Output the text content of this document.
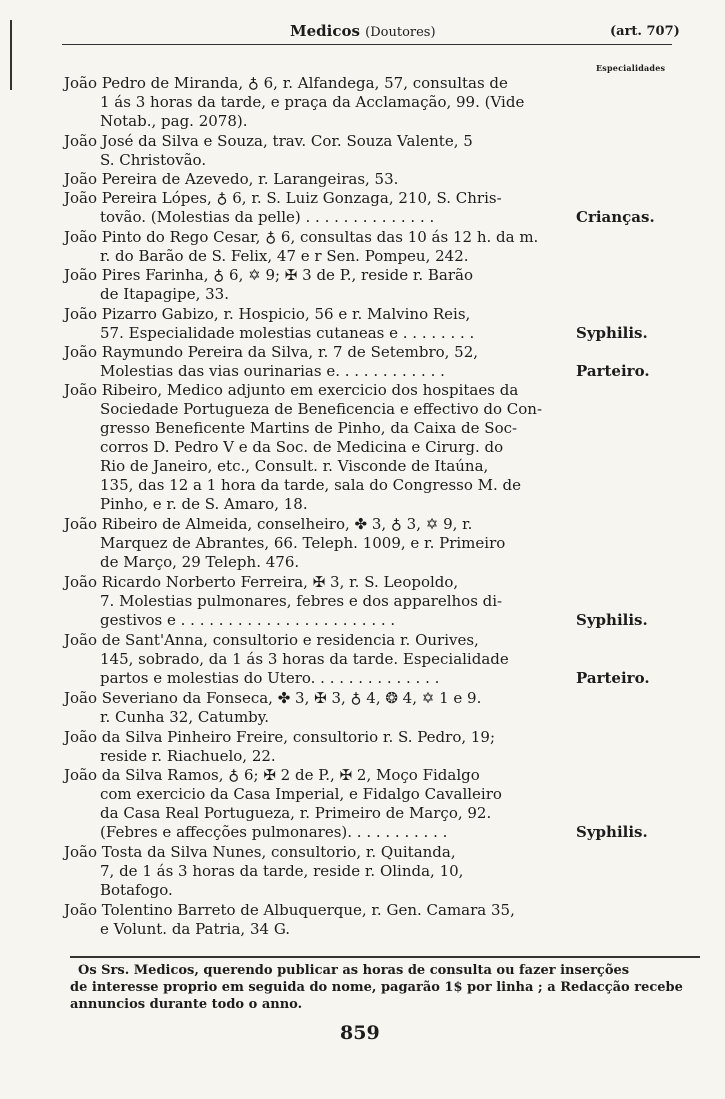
Medicos (Doutores)	(art. 707)
Especialidades
João Pedro de Miranda, ♁ 6, r. Alfandega, 57, consultas de
1 ás 3 horas da tarde, e praça da Acclamação, 99. (Vide
Notab., pag. 2078).
João José da Silva e Souza, trav. Cor. Souza Valente, 5
S. Christovão.
João Pereira de Azevedo, r. Larangeiras, 53.
João Pereira Lópes, ♁ 6, r. S. Luiz Gonzaga, 210, S. Chris-
tovão. (Molestias da pelle) . . . . . . . . . . . . . .	Crianças.
João Pinto do Rego Cesar, ♁ 6, consultas das 10 ás 12 h. da m.
r. do Barão de S. Felix, 47 e r Sen. Pompeu, 242.
João Pires Farinha, ♁ 6, ✡ 9; ✠ 3 de P., reside r. Barão
de Itapagipe, 33.
João Pizarro Gabizo, r. Hospicio, 56 e r. Malvino Reis,
57. Especialidade molestias cutaneas e . . . . . . . .	Syphilis.
João Raymundo Pereira da Silva, r. 7 de Setembro, 52,
Molestias das vias ourinarias e. . . . . . . . . . . .	Parteiro.
João Ribeiro, Medico adjunto em exercicio dos hospitaes da
Sociedade Portugueza de Beneficencia e effectivo do Con-
gresso Beneficente Martins de Pinho, da Caixa de Soc-
corros D. Pedro V e da Soc. de Medicina e Cirurg. do
Rio de Janeiro, etc., Consult. r. Visconde de Itaúna,
135, das 12 a 1 hora da tarde, sala do Congresso M. de
Pinho, e r. de S. Amaro, 18.
João Ribeiro de Almeida, conselheiro, ✤ 3, ♁ 3, ✡ 9, r.
Marquez de Abrantes, 66. Teleph. 1009, e r. Primeiro
de Março, 29 Teleph. 476.
João Ricardo Norberto Ferreira, ✠ 3, r. S. Leopoldo,
7. Molestias pulmonares, febres e dos apparelhos di-
gestivos e . . . . . . . . . . . . . . . . . . . . . . .	Syphilis.
João de Sant'Anna, consultorio e residencia r. Ourives,
145, sobrado, da 1 ás 3 horas da tarde. Especialidade
partos e molestias do Utero. . . . . . . . . . . . . .	Parteiro.
João Severiano da Fonseca, ✤ 3, ✠ 3, ♁ 4, ❂ 4, ✡ 1 e 9.
r. Cunha 32, Catumby.
João da Silva Pinheiro Freire, consultorio r. S. Pedro, 19;
reside r. Riachuelo, 22.
João da Silva Ramos, ♁ 6; ✠ 2 de P., ✠ 2, Moço Fidalgo
com exercicio da Casa Imperial, e Fidalgo Cavalleiro
da Casa Real Portugueza, r. Primeiro de Março, 92.
(Febres e affecções pulmonares). . . . . . . . . . .	Syphilis.
João Tosta da Silva Nunes, consultorio, r. Quitanda,
7, de 1 ás 3 horas da tarde, reside r. Olinda, 10,
Botafogo.
João Tolentino Barreto de Albuquerque, r. Gen. Camara 35,
e Volunt. da Patria, 34 G.
Os Srs. Medicos, querendo publicar as horas de consulta ou fazer inserções
de interesse proprio em seguida do nome, pagarão 1$ por linha ; a Redacção recebe
annuncios durante todo o anno.
859
